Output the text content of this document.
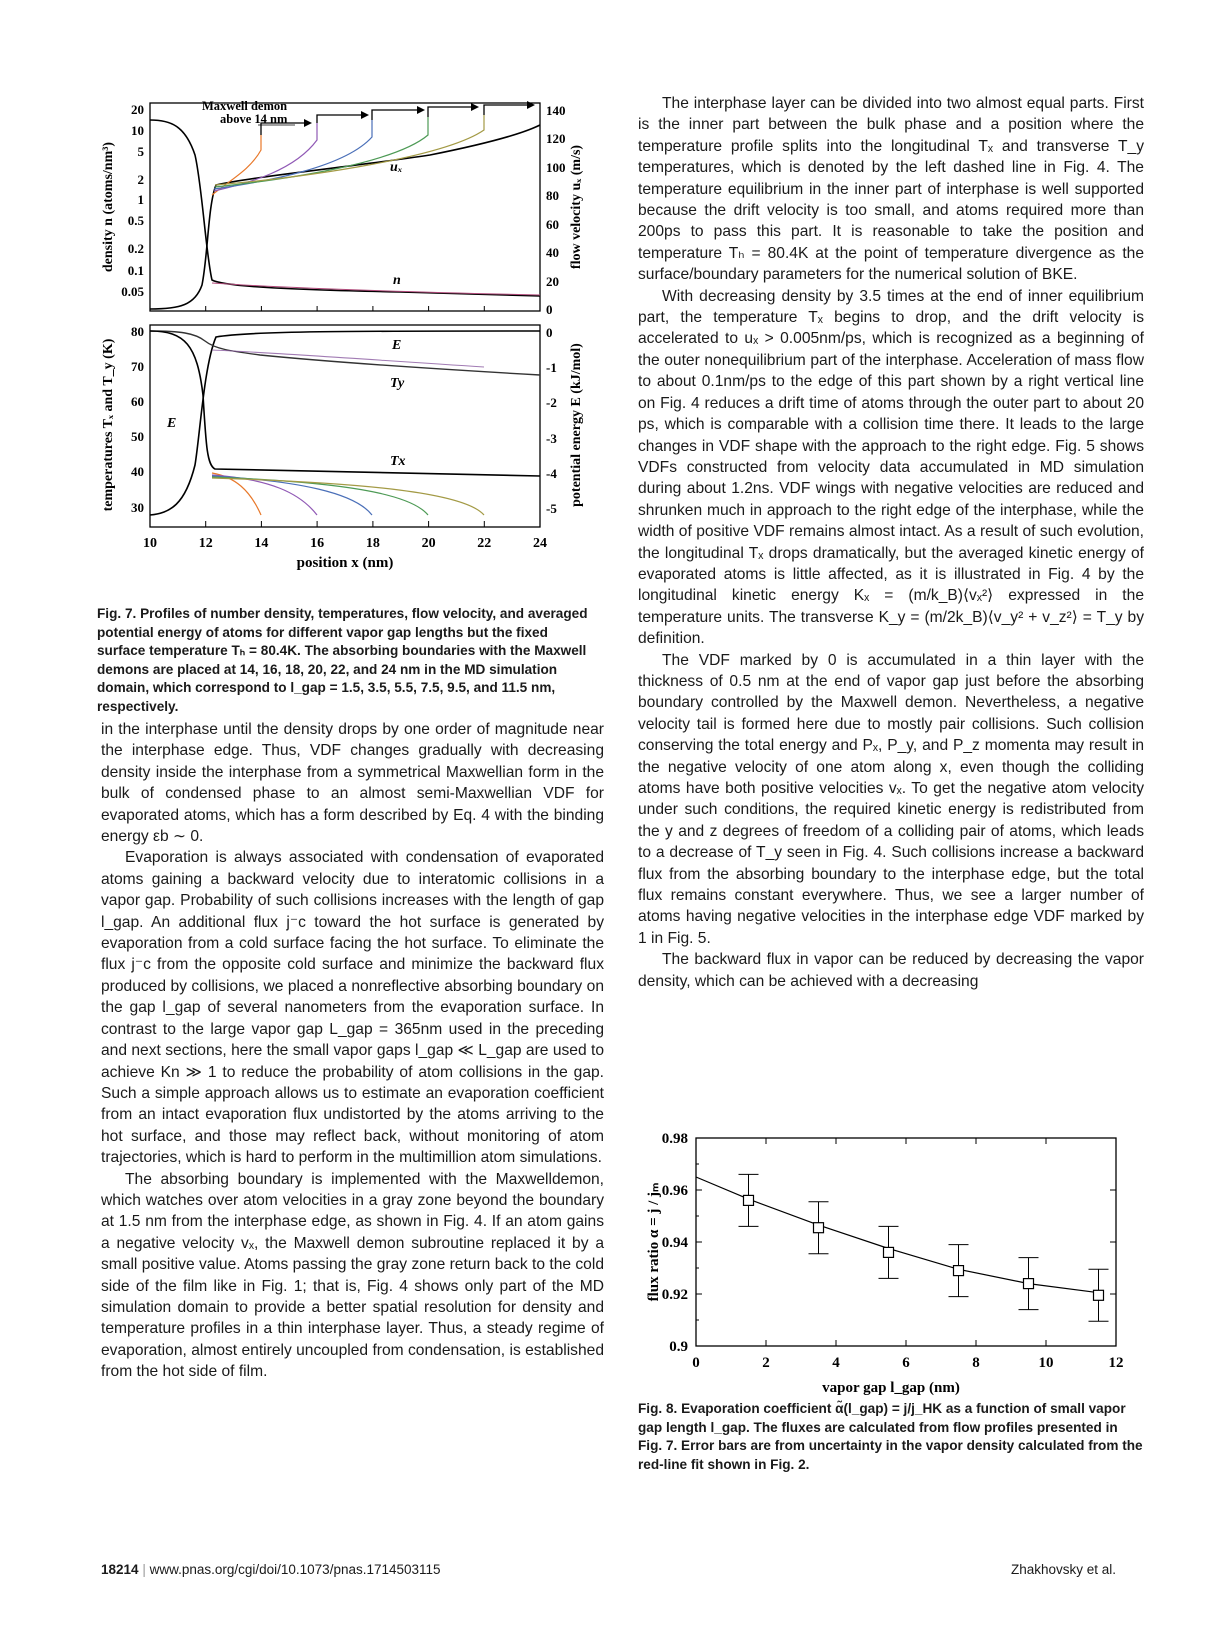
10	12	14	16	18	20	22	24
position x (nm)
20
10
5
2
1
0.5
0.2
0.1
0.05
140
120
100
80
60
40
20
0
80
70
60
50
40
30
0
-1
-2
-3
-4
-5
density n (atoms/nm³)	flow velocity uₓ (m/s)
temperatures Tₓ and T_y (K)	potential energy E (kJ/mol)
Maxwell demon
above 14 nm
uₓ
n
E
Ty
Tx
E
Fig. 7. Profiles of number density, temperatures, flow velocity, and averaged potential energy of atoms for different vapor gap lengths but the fixed surface temperature Tₕ = 80.4K. The absorbing boundaries with the Maxwell demons are placed at 14, 16, 18, 20, 22, and 24 nm in the MD simulation domain, which correspond to l_gap = 1.5, 3.5, 5.5, 7.5, 9.5, and 11.5 nm, respectively.

in the interphase until the density drops by one order of magnitude near the interphase edge. Thus, VDF changes gradually with decreasing density inside the interphase from a symmetrical Maxwellian form in the bulk of condensed phase to an almost semi-Maxwellian VDF for evaporated atoms, which has a form described by Eq. 4 with the binding energy εb ∼ 0.

Evaporation is always associated with condensation of evaporated atoms gaining a backward velocity due to interatomic collisions in a vapor gap. Probability of such collisions increases with the length of gap l_gap. An additional flux j⁻c toward the hot surface is generated by evaporation from a cold surface facing the hot surface. To eliminate the flux j⁻c from the opposite cold surface and minimize the backward flux produced by collisions, we placed a nonreflective absorbing boundary on the gap l_gap of several nanometers from the evaporation surface. In contrast to the large vapor gap L_gap = 365nm used in the preceding and next sections, here the small vapor gaps l_gap ≪ L_gap are used to achieve Kn ≫ 1 to reduce the probability of atom collisions in the gap. Such a simple approach allows us to estimate an evaporation coefficient from an intact evaporation flux undistorted by the atoms arriving to the hot surface, and those may reflect back, without monitoring of atom trajectories, which is hard to perform in the multimillion atom simulations.

The absorbing boundary is implemented with the Maxwelldemon, which watches over atom velocities in a gray zone beyond the boundary at 1.5 nm from the interphase edge, as shown in Fig. 4. If an atom gains a negative velocity vₓ, the Maxwell demon subroutine replaced it by a small positive value. Atoms passing the gray zone return back to the cold side of the film like in Fig. 1; that is, Fig. 4 shows only part of the MD simulation domain to provide a better spatial resolution for density and temperature profiles in a thin interphase layer. Thus, a steady regime of evaporation, almost entirely uncoupled from condensation, is established from the hot side of film.

The interphase layer can be divided into two almost equal parts. First is the inner part between the bulk phase and a position where the temperature profile splits into the longitudinal Tₓ and transverse T_y temperatures, which is denoted by the left dashed line in Fig. 4. The temperature equilibrium in the inner part of interphase is well supported because the drift velocity is too small, and atoms required more than 200ps to pass this part. It is reasonable to take the position and temperature Tₕ = 80.4K at the point of temperature divergence as the surface/boundary parameters for the numerical solution of BKE.

With decreasing density by 3.5 times at the end of inner equilibrium part, the temperature Tₓ begins to drop, and the drift velocity is accelerated to uₓ > 0.005nm/ps, which is recognized as a beginning of the outer nonequilibrium part of the interphase. Acceleration of mass flow to about 0.1nm/ps to the edge of this part shown by a right vertical line on Fig. 4 reduces a drift time of atoms through the outer part to about 20 ps, which is comparable with a collision time there. It leads to the large changes in VDF shape with the approach to the right edge. Fig. 5 shows VDFs constructed from velocity data accumulated in MD simulation during about 1.2ns. VDF wings with negative velocities are reduced and shrunken much in approach to the right edge of the interphase, while the width of positive VDF remains almost intact. As a result of such evolution, the longitudinal Tₓ drops dramatically, but the averaged kinetic energy of evaporated atoms is little affected, as it is illustrated in Fig. 4 by the longitudinal kinetic energy Kₓ = (m/k_B)⟨vₓ²⟩ expressed in the temperature units. The transverse K_y = (m/2k_B)⟨v_y² + v_z²⟩ = T_y by definition.

The VDF marked by 0 is accumulated in a thin layer with the thickness of 0.5 nm at the end of vapor gap just before the absorbing boundary controlled by the Maxwell demon. Nevertheless, a negative velocity tail is formed here due to mostly pair collisions. Such collision conserving the total energy and Pₓ, P_y, and P_z momenta may result in the negative velocity of one atom along x, even though the colliding atoms have both positive velocities vₓ. To get the negative atom velocity under such conditions, the required kinetic energy is redistributed from the y and z degrees of freedom of a colliding pair of atoms, which leads to a decrease of T_y seen in Fig. 4. Such collisions increase a backward flux from the absorbing boundary to the interphase edge, but the total flux remains constant everywhere. Thus, we see a larger number of atoms having negative velocities in the interphase edge VDF marked by 1 in Fig. 5.

The backward flux in vapor can be reduced by decreasing the vapor density, which can be achieved with a decreasing

0	2	4	6	8	10	12
0.98
0.96
0.94
0.92
0.9
flux ratio α = j / jₘ
vapor gap l_gap (nm)
Fig. 8. Evaporation coefficient α̃(l_gap) = j/j_HK as a function of small vapor gap length l_gap. The fluxes are calculated from flow profiles presented in Fig. 7. Error bars are from uncertainty in the vapor density calculated from the red-line fit shown in Fig. 2.
18214 | www.pnas.org/cgi/doi/10.1073/pnas.1714503115	Zhakhovsky et al.
